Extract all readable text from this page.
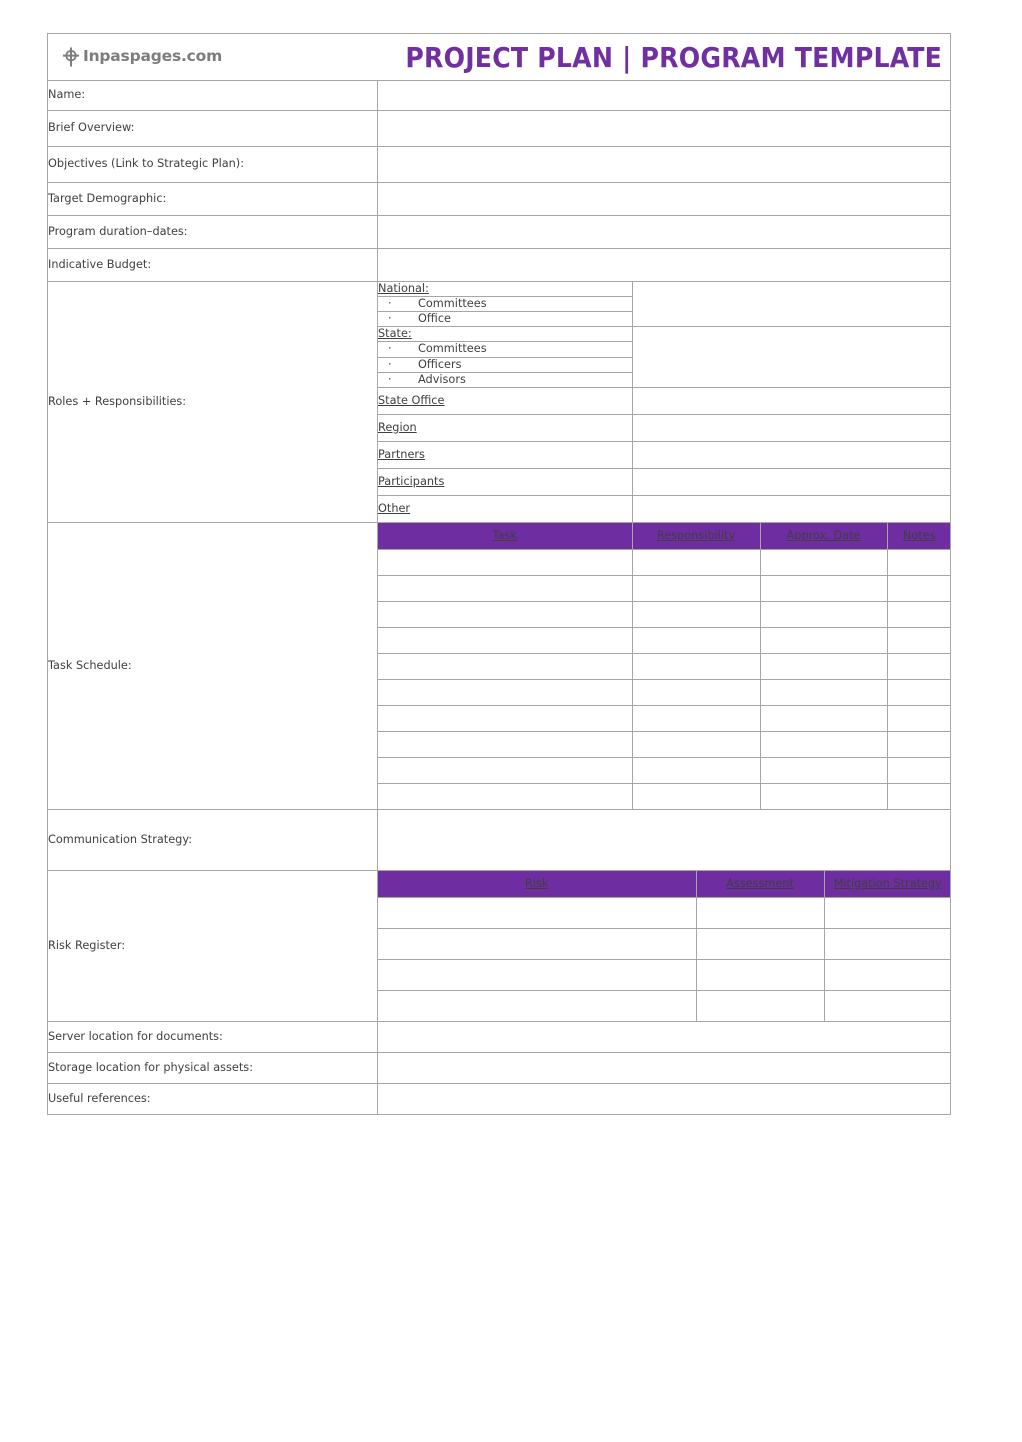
Inpaspages.com	PROJECT PLAN | PROGRAM TEMPLATE

Name:	
Brief Overview:	
Objectives (Link to Strategic Plan):	
Target Demographic:	
Program duration–dates:	
Indicative Budget:	
Roles + Responsibilities:	
National:	
· Committees
· Office
State:	
· Committees
· Officers
· Advisors
State Office	
Region	
Partners	
Participants	
Other	

Task Schedule:	
Task	Responsibility	Approx. Date	Notes

Communication Strategy:	
Risk Register:	
Risk	Assessment	Mitigation Strategy

Server location for documents:	
Storage location for physical assets:	
Useful references:	
